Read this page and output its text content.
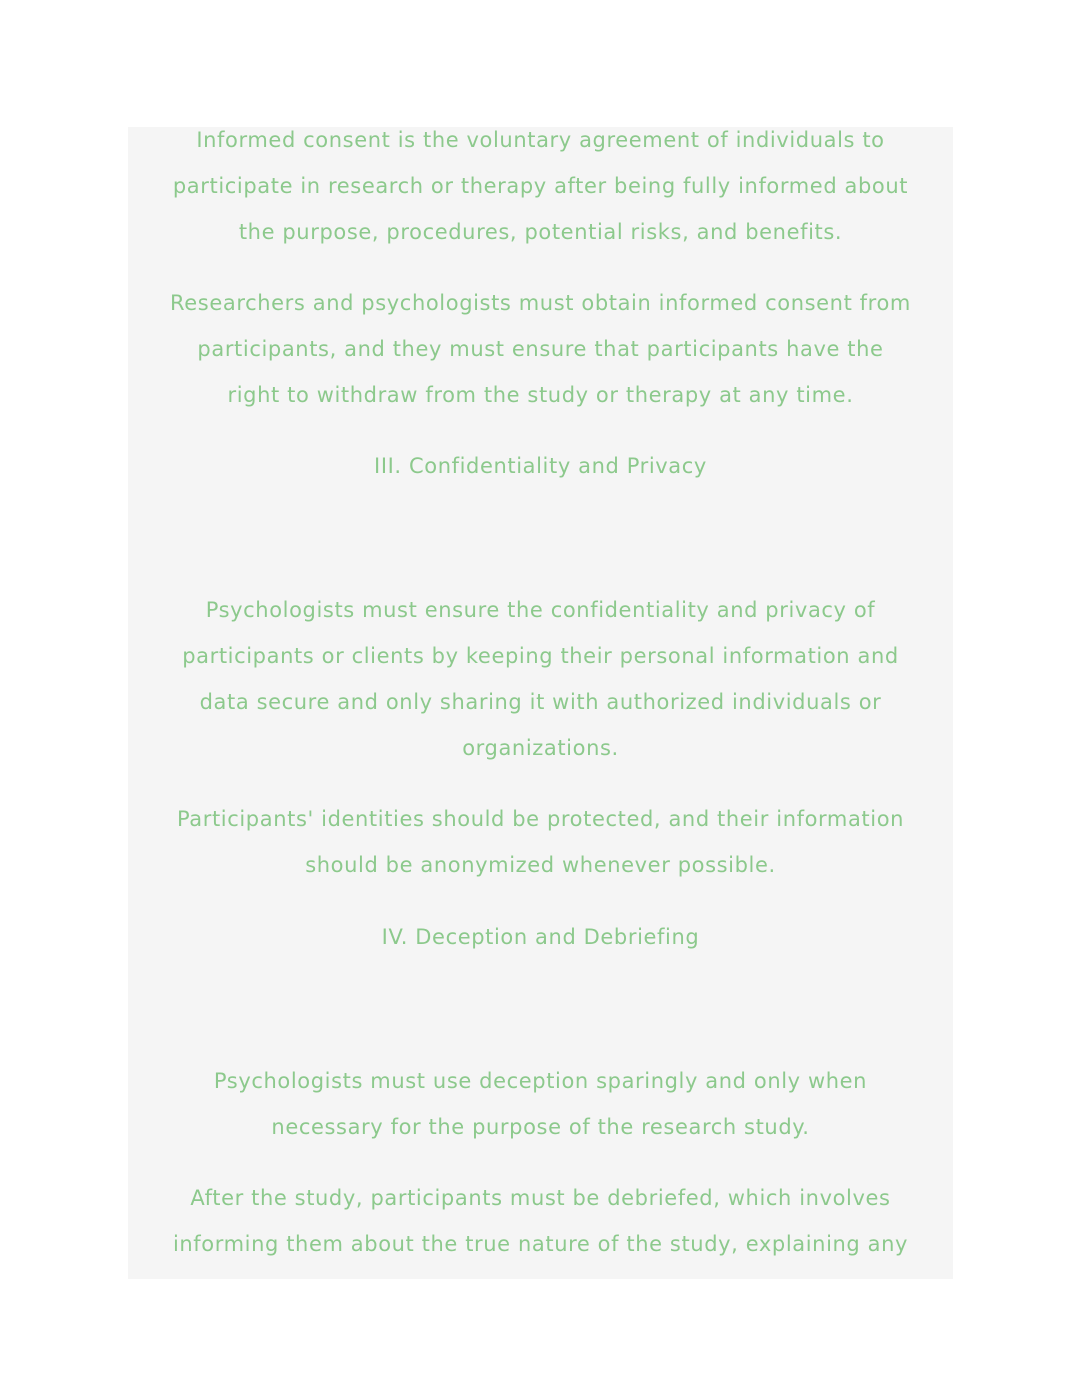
Informed consent is the voluntary agreement of individuals to
participate in research or therapy after being fully informed about
the purpose, procedures, potential risks, and benefits.
Researchers and psychologists must obtain informed consent from
participants, and they must ensure that participants have the
right to withdraw from the study or therapy at any time.
III. Confidentiality and Privacy
Psychologists must ensure the confidentiality and privacy of
participants or clients by keeping their personal information and
data secure and only sharing it with authorized individuals or
organizations.
Participants' identities should be protected, and their information
should be anonymized whenever possible.
IV. Deception and Debriefing
Psychologists must use deception sparingly and only when
necessary for the purpose of the research study.
After the study, participants must be debriefed, which involves
informing them about the true nature of the study, explaining any
